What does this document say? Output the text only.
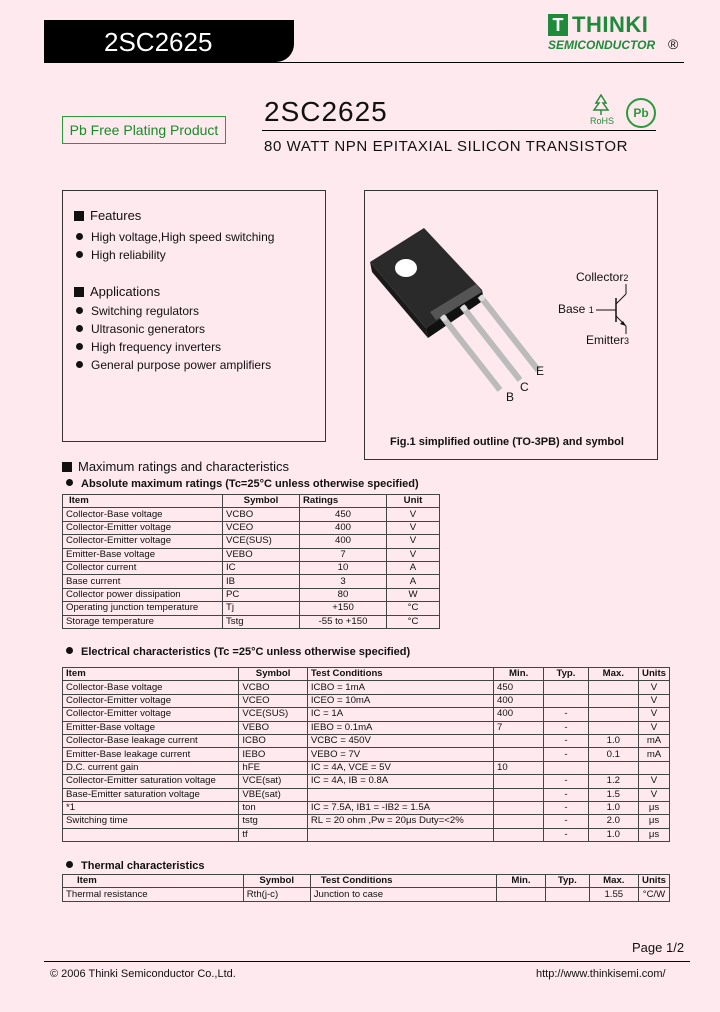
2SC2625
T THINKI
SEMICONDUCTOR ®
Pb Free Plating Product
2SC2625
80 WATT NPN EPITAXIAL SILICON TRANSISTOR
RoHS
Pb
Features
High voltage,High speed switching
High reliability
Applications
Switching regulators
Ultrasonic generators
High frequency inverters
General purpose power amplifiers
B
C
E
Collector2
Base 1
Emitter3
Fig.1 simplified outline (TO-3PB) and symbol
Maximum ratings and characteristics
Absolute maximum ratings (Tc=25°C unless otherwise specified)
Item	Symbol	Ratings	Unit
Collector-Base voltage	VCBO	450	V
Collector-Emitter voltage	VCEO	400	V
Collector-Emitter voltage	VCE(SUS)	400	V
Emitter-Base voltage	VEBO	7	V
Collector current	IC	10	A
Base current	IB	3	A
Collector power dissipation	PC	80	W
Operating junction temperature	Tj	+150	°C
Storage temperature	Tstg	-55 to +150	°C
Electrical characteristics (Tc =25°C unless otherwise specified)
Item	Symbol	Test Conditions	Min.	Typ.	Max.	Units
Collector-Base voltage	VCBO	ICBO = 1mA	450			V
Collector-Emitter voltage	VCEO	ICEO = 10mA	400			V
Collector-Emitter voltage	VCE(SUS)	IC = 1A	400	-		V
Emitter-Base voltage	VEBO	IEBO = 0.1mA	7	-		V
Collector-Base leakage current	ICBO	VCBC = 450V		-	1.0	mA
Emitter-Base leakage current	IEBO	VEBO = 7V		-	0.1	mA
D.C. current gain	hFE	IC = 4A, VCE = 5V	10			
Collector-Emitter saturation voltage	VCE(sat)	IC = 4A, IB = 0.8A		-	1.2	V
Base-Emitter saturation voltage	VBE(sat)			-	1.5	V
*1	ton	IC = 7.5A, IB1 = -IB2 = 1.5A		-	1.0	μs
Switching time	tstg	RL = 20 ohm ,Pw = 20μs Duty=<2%		-	2.0	μs
	tf			-	1.0	μs
Thermal characteristics
Item	Symbol	Test Conditions	Min.	Typ.	Max.	Units
Thermal resistance	Rth(j-c)	Junction to case			1.55	°C/W
Page 1/2
© 2006 Thinki Semiconductor Co.,Ltd.	http://www.thinkisemi.com/
